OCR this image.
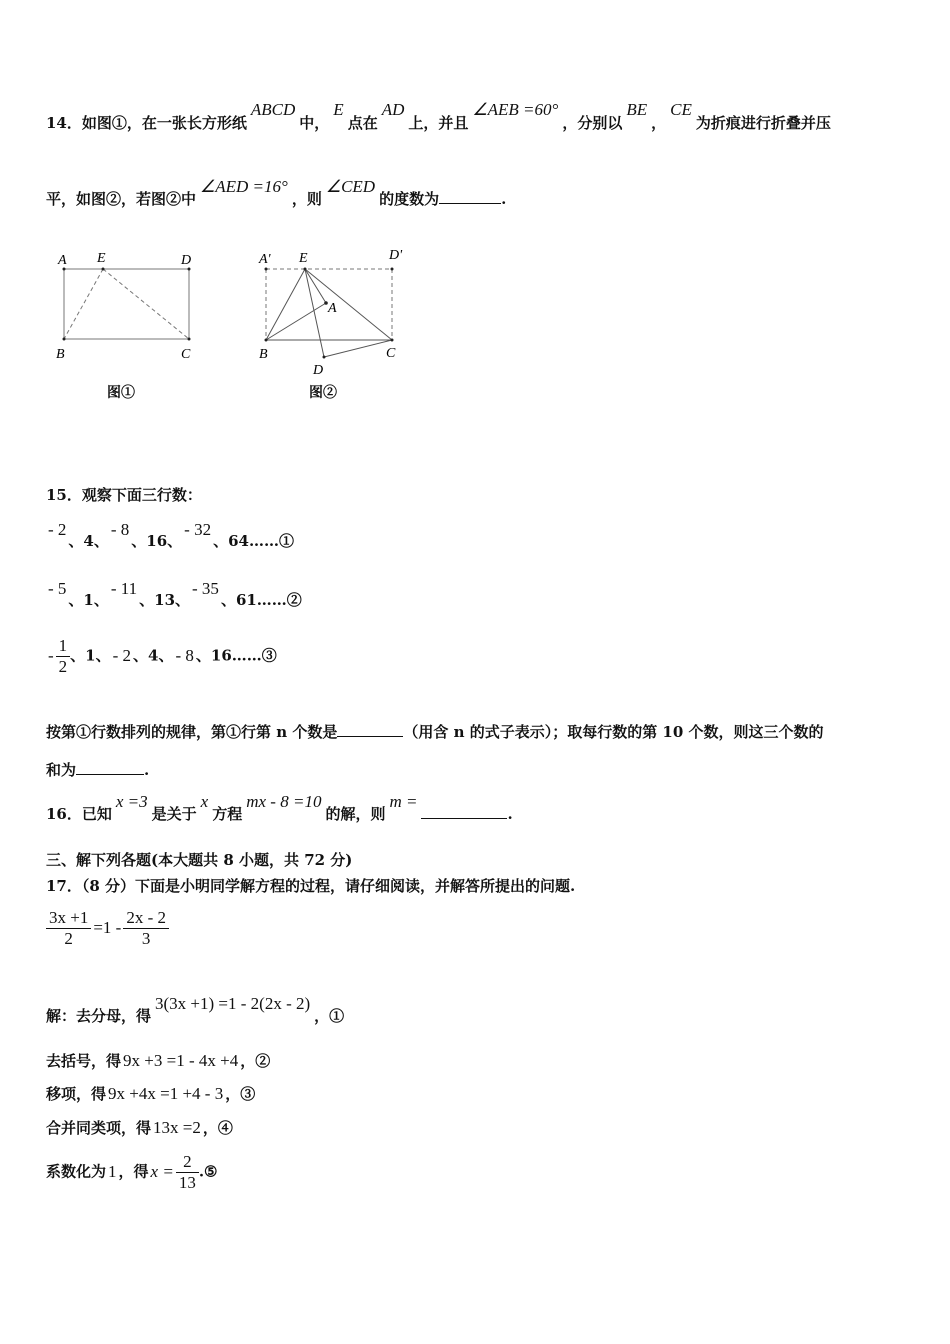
14．如图①，在一张长方形纸ABCD中，E点在AD上，并且∠AEB =60°，分别以BE，CE为折痕进行折叠并压
平，如图②，若图②中∠AED =16°，则∠CED的度数为	.
A E	D
B	C
图①
A' E	D'
A
B	C
D
图②
15．观察下面三行数：
- 2、4、- 8、16、- 32、64……①
- 5、1、- 11、13、- 35、61……②
- $\frac{1}{2}$ 、1、 - 2 、4、 - 8 、16……③
按第①行数排列的规律，第①行第 n 个数是	（用含 n 的式子表示）；取每行数的第 10 个数，则这三个数的
和为	.
16．已知x =3是关于x方程mx - 8 =10的解，则m =.
三、解下列各题(本大题共 8 小题，共 72 分)
17．（8 分）下面是小明同学解方程的过程，请仔细阅读，并解答所提出的问题.
$\frac{3x +1}{2} =1 - \frac{2x - 2}{3}$
解：去分母，得3(3x +1) =1 - 2(2x - 2)，①
去括号，得 9x +3 =1 - 4x +4 ，②
移项，得 9x +4x =1 +4 - 3 ，③
合并同类项，得 13x =2 ，④
系数化为 1 ，得 $x = \frac{2}{13}$ .⑤
